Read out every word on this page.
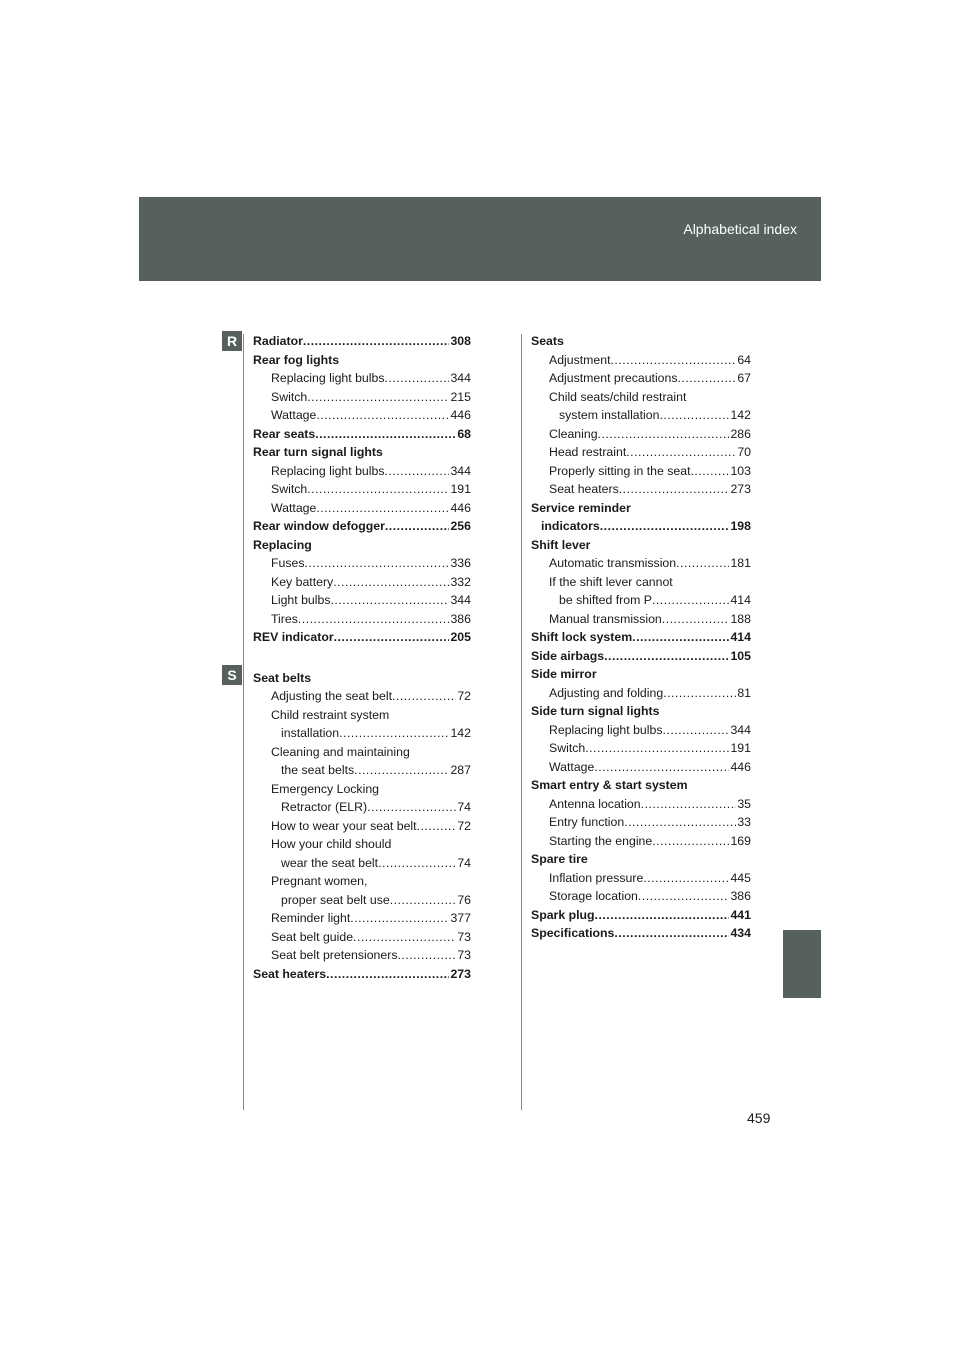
Alphabetical index
R
S
Radiator .....	308
Rear fog lights
Replacing light bulbs .....	344
Switch .....	215
Wattage .....	446
Rear seats .....	68
Rear turn signal lights
Replacing light bulbs .....	344
Switch .....	191
Wattage .....	446
Rear window defogger .....	256
Replacing
Fuses .....	336
Key battery .....	332
Light bulbs .....	344
Tires .....	386
REV indicator .....	205
Seat belts
Adjusting the seat belt .....	72
Child restraint system
installation .....	142
Cleaning and maintaining
the seat belts .....	287
Emergency Locking
Retractor (ELR) .....	74
How to wear your seat belt .....	72
How your child should
wear the seat belt .....	74
Pregnant women,
proper seat belt use .....	76
Reminder light .....	377
Seat belt guide .....	73
Seat belt pretensioners .....	73
Seat heaters .....	273
Seats
Adjustment .....	64
Adjustment precautions .....	67
Child seats/child restraint
system installation .....	142
Cleaning .....	286
Head restraint .....	70
Properly sitting in the seat .....	103
Seat heaters .....	273
Service reminder
indicators .....	198
Shift lever
Automatic transmission .....	181
If the shift lever cannot
be shifted from P .....	414
Manual transmission .....	188
Shift lock system .....	414
Side airbags .....	105
Side mirror
Adjusting and folding .....	81
Side turn signal lights
Replacing light bulbs .....	344
Switch .....	191
Wattage .....	446
Smart entry & start system
Antenna location .....	35
Entry function .....	33
Starting the engine .....	169
Spare tire
Inflation pressure .....	445
Storage location .....	386
Spark plug .....	441
Specifications .....	434
459
